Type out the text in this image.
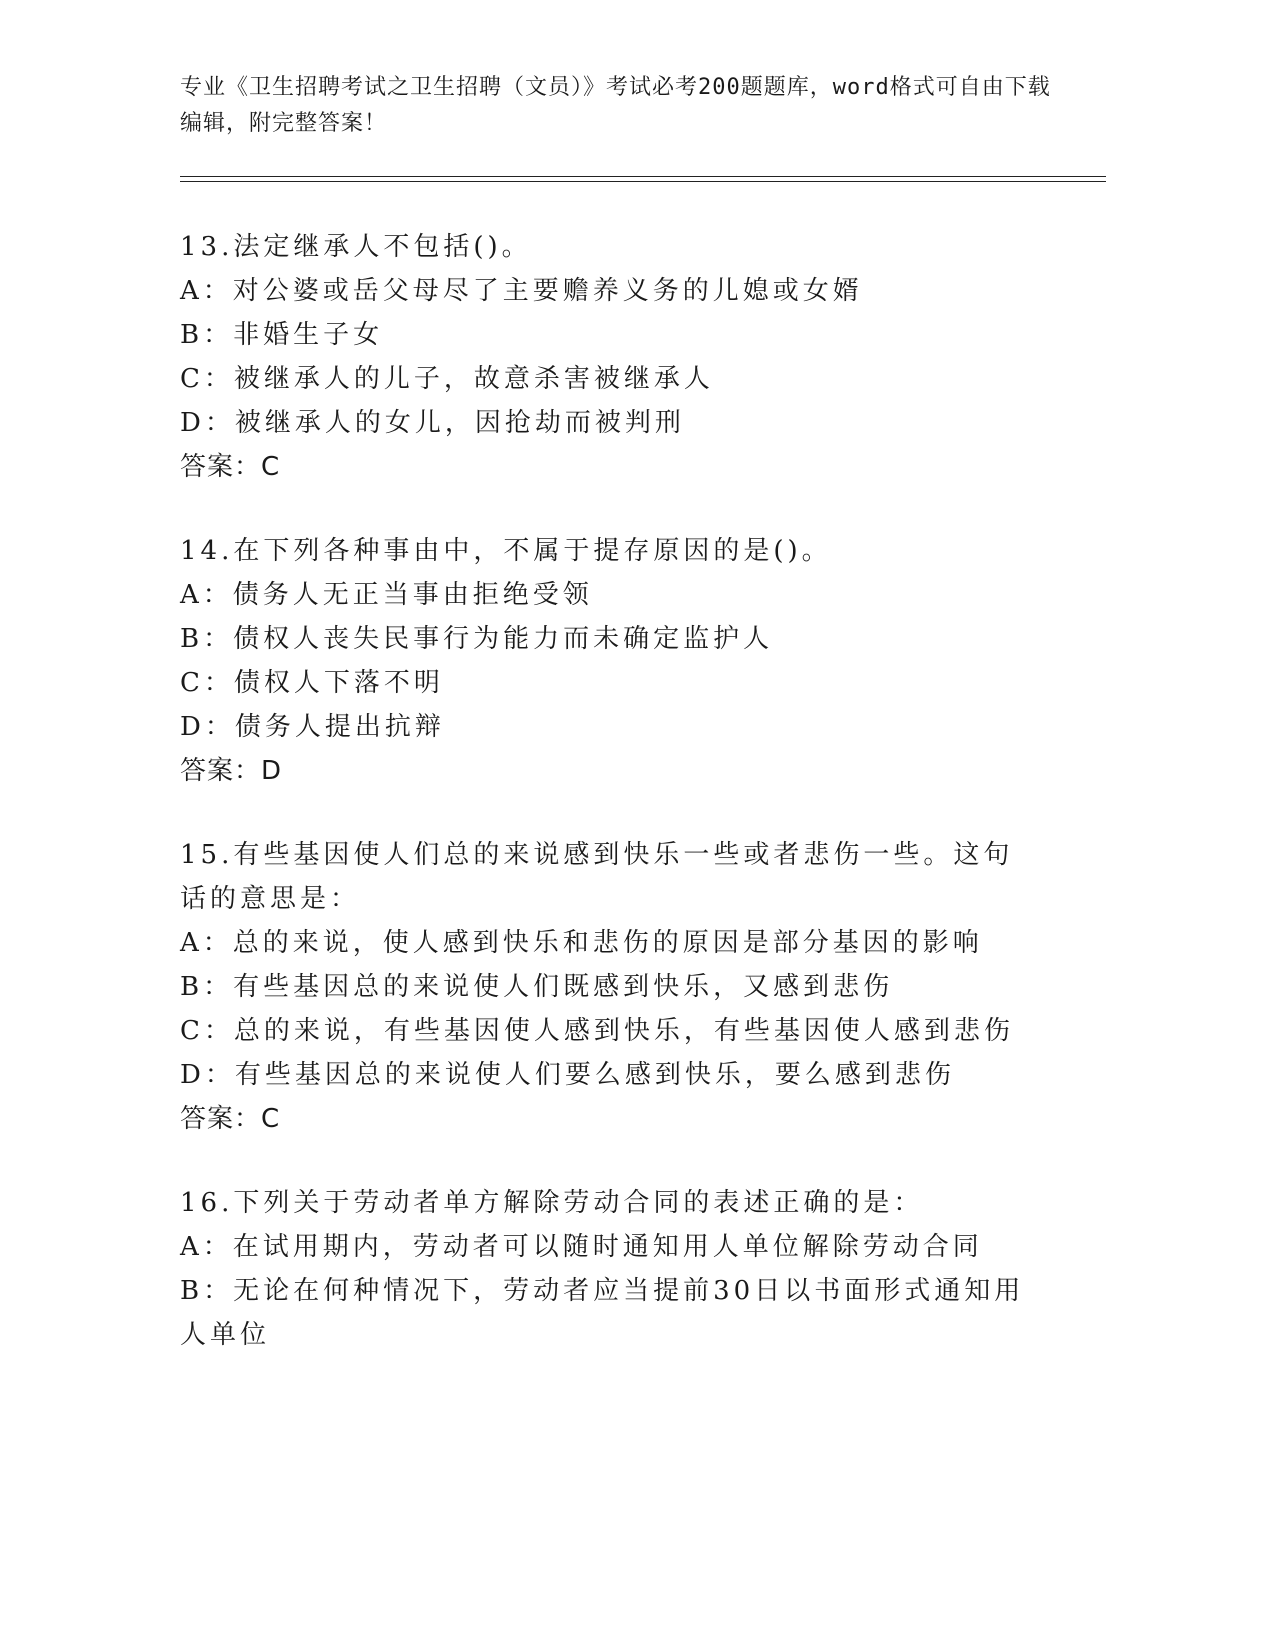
专业《卫生招聘考试之卫生招聘（文员）》考试必考200题题库，word格式可自由下载编辑，附完整答案！

13.法定继承人不包括()。

A：对公婆或岳父母尽了主要赡养义务的儿媳或女婿

B：非婚生子女

C：被继承人的儿子，故意杀害被继承人

D：被继承人的女儿，因抢劫而被判刑

答案：C

14.在下列各种事由中，不属于提存原因的是()。

A：债务人无正当事由拒绝受领

B：债权人丧失民事行为能力而未确定监护人

C：债权人下落不明

D：债务人提出抗辩

答案：D

15.有些基因使人们总的来说感到快乐一些或者悲伤一些。这句话的意思是：

A：总的来说，使人感到快乐和悲伤的原因是部分基因的影响

B：有些基因总的来说使人们既感到快乐，又感到悲伤

C：总的来说，有些基因使人感到快乐，有些基因使人感到悲伤

D：有些基因总的来说使人们要么感到快乐，要么感到悲伤

答案：C

16.下列关于劳动者单方解除劳动合同的表述正确的是：

A：在试用期内，劳动者可以随时通知用人单位解除劳动合同

B：无论在何种情况下，劳动者应当提前30日以书面形式通知用人单位
